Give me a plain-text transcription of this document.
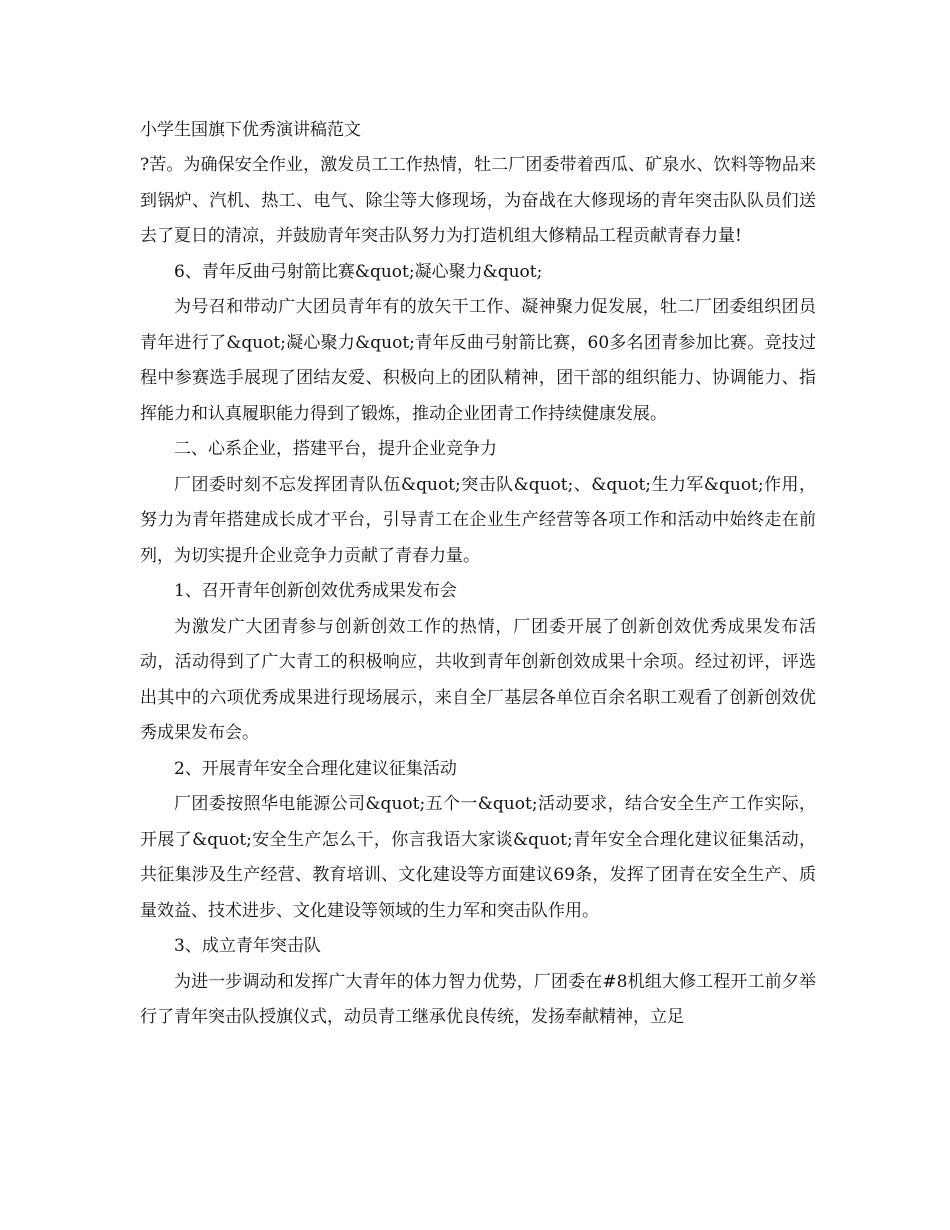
小学生国旗下优秀演讲稿范文

?苦。为确保安全作业，激发员工工作热情，牡二厂团委带着西瓜、矿泉水、饮料等物品来到锅炉、汽机、热工、电气、除尘等大修现场，为奋战在大修现场的青年突击队队员们送去了夏日的清凉，并鼓励青年突击队努力为打造机组大修精品工程贡献青春力量!

6、青年反曲弓射箭比赛&quot;凝心聚力&quot;

为号召和带动广大团员青年有的放矢干工作、凝神聚力促发展，牡二厂团委组织团员青年进行了&quot;凝心聚力&quot;青年反曲弓射箭比赛，60多名团青参加比赛。竞技过程中参赛选手展现了团结友爱、积极向上的团队精神，团干部的组织能力、协调能力、指挥能力和认真履职能力得到了锻炼，推动企业团青工作持续健康发展。

二、心系企业，搭建平台，提升企业竞争力

厂团委时刻不忘发挥团青队伍&quot;突击队&quot;、&quot;生力军&quot;作用，努力为青年搭建成长成才平台，引导青工在企业生产经营等各项工作和活动中始终走在前列，为切实提升企业竞争力贡献了青春力量。

1、召开青年创新创效优秀成果发布会

为激发广大团青参与创新创效工作的热情，厂团委开展了创新创效优秀成果发布活动，活动得到了广大青工的积极响应，共收到青年创新创效成果十余项。经过初评，评选出其中的六项优秀成果进行现场展示，来自全厂基层各单位百余名职工观看了创新创效优秀成果发布会。

2、开展青年安全合理化建议征集活动

厂团委按照华电能源公司&quot;五个一&quot;活动要求，结合安全生产工作实际，开展了&quot;安全生产怎么干，你言我语大家谈&quot;青年安全合理化建议征集活动，共征集涉及生产经营、教育培训、文化建设等方面建议69条，发挥了团青在安全生产、质量效益、技术进步、文化建设等领域的生力军和突击队作用。

3、成立青年突击队

为进一步调动和发挥广大青年的体力智力优势，厂团委在#8机组大修工程开工前夕举行了青年突击队授旗仪式，动员青工继承优良传统，发扬奉献精神，立足
